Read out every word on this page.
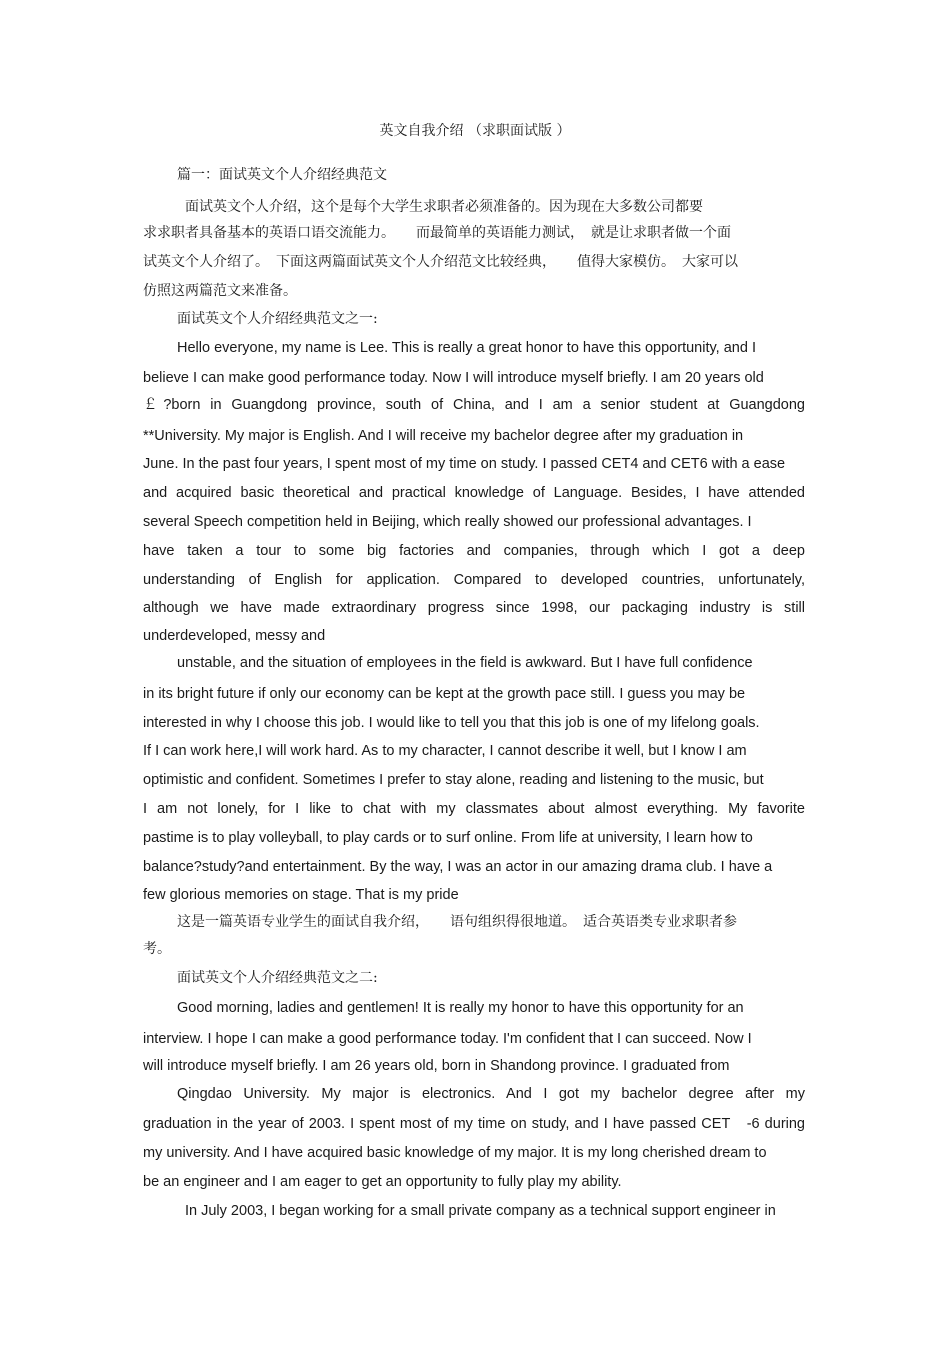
英文自我介绍 （求职面试版 ）
篇一：面试英文个人介绍经典范文
面试英文个人介绍，这个是每个大学生求职者必须准备的。因为现在大多数公司都要
求求职者具备基本的英语口语交流能力。　　而最简单的英语能力测试，　就是让求职者做一个面
试英文个人介绍了。　下面这两篇面试英文个人介绍范文比较经典，　　值得大家模仿。　大家可以
仿照这两篇范文来准备。
面试英文个人介绍经典范文之一:
Hello everyone, my name is Lee. This is really a great honor to have this opportunity, and I
believe I can make good performance today. Now I will introduce myself briefly. I am 20 years old
￡?born in Guangdong province, south of China, and I am a senior student at Guangdong
**University. My major is English. And I will receive my bachelor degree after my graduation in
June. In the past four years, I spent most of my time on study. I passed CET4 and CET6 with a ease
and acquired basic theoretical and practical knowledge of Language. Besides, I have attended
several Speech competition held in Beijing, which really showed our professional advantages. I
have taken a tour to some big factories and companies, through which I got a deep
understanding of English for application. Compared to developed countries, unfortunately,
although we have made extraordinary progress since 1998, our packaging industry is still
underdeveloped, messy and
unstable, and the situation of employees in the field is awkward. But I have full confidence
in its bright future if only our economy can be kept at the growth pace still. I guess you may be
interested in why I choose this job. I would like to tell you that this job is one of my lifelong goals.
If I can work here,I will work hard. As to my character, I cannot describe it well, but I know I am
optimistic and confident. Sometimes I prefer to stay alone, reading and listening to the music, but
I am not lonely, for I like to chat with my classmates about almost everything. My favorite
pastime is to play volleyball, to play cards or to surf online. From life at university, I learn how to
balance?study?and entertainment. By the way, I was an actor in our amazing drama club. I have a
few glorious memories on stage. That is my pride
这是一篇英语专业学生的面试自我介绍，　　语句组织得很地道。　适合英语类专业求职者参
考。
面试英文个人介绍经典范文之二:
Good morning, ladies and gentlemen! It is really my honor to have this opportunity for an
interview. I hope I can make a good performance today. I'm confident that I can succeed. Now I
will introduce myself briefly. I am 26 years old, born in Shandong province. I graduated from
Qingdao University. My major is electronics. And I got my bachelor degree after my
graduation in the year of 2003. I spent most of my time on study, and I have passed CET　-6 during
my university. And I have acquired basic knowledge of my major. It is my long cherished dream to
be an engineer and I am eager to get an opportunity to fully play my ability.
In July 2003, I began working for a small private company as a technical support engineer in
